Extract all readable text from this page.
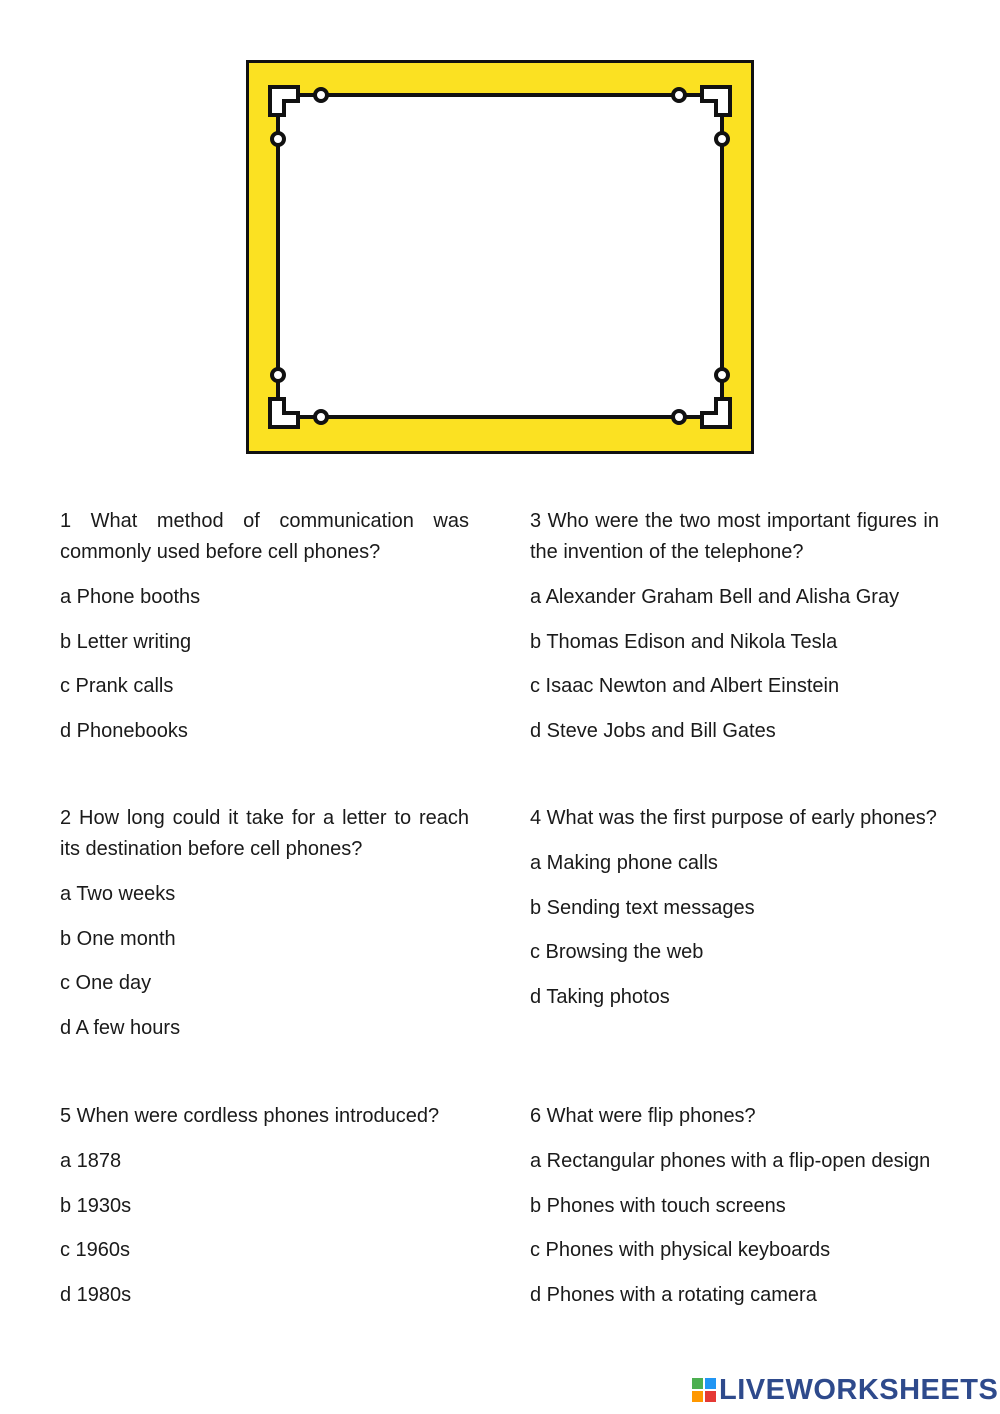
1 What method of communication was commonly used before cell phones?

a Phone booths

b Letter writing

c Prank calls

d Phonebooks

2 How long could it take for a letter to reach its destination before cell phones?

a Two weeks

b One month

c One day

d A few hours

5 When were cordless phones introduced?

a 1878

b 1930s

c 1960s

d 1980s

3 Who were the two most important figures in the invention of the telephone?

a Alexander Graham Bell and Alisha Gray

b Thomas Edison and Nikola Tesla

c Isaac Newton and Albert Einstein

d Steve Jobs and Bill Gates

4 What was the first purpose of early phones?

a Making phone calls

b Sending text messages

c Browsing the web

d Taking photos

6 What were flip phones?

a Rectangular phones with a flip-open design

b Phones with touch screens

c Phones with physical keyboards

d Phones with a rotating camera

LIVEWORKSHEETS
